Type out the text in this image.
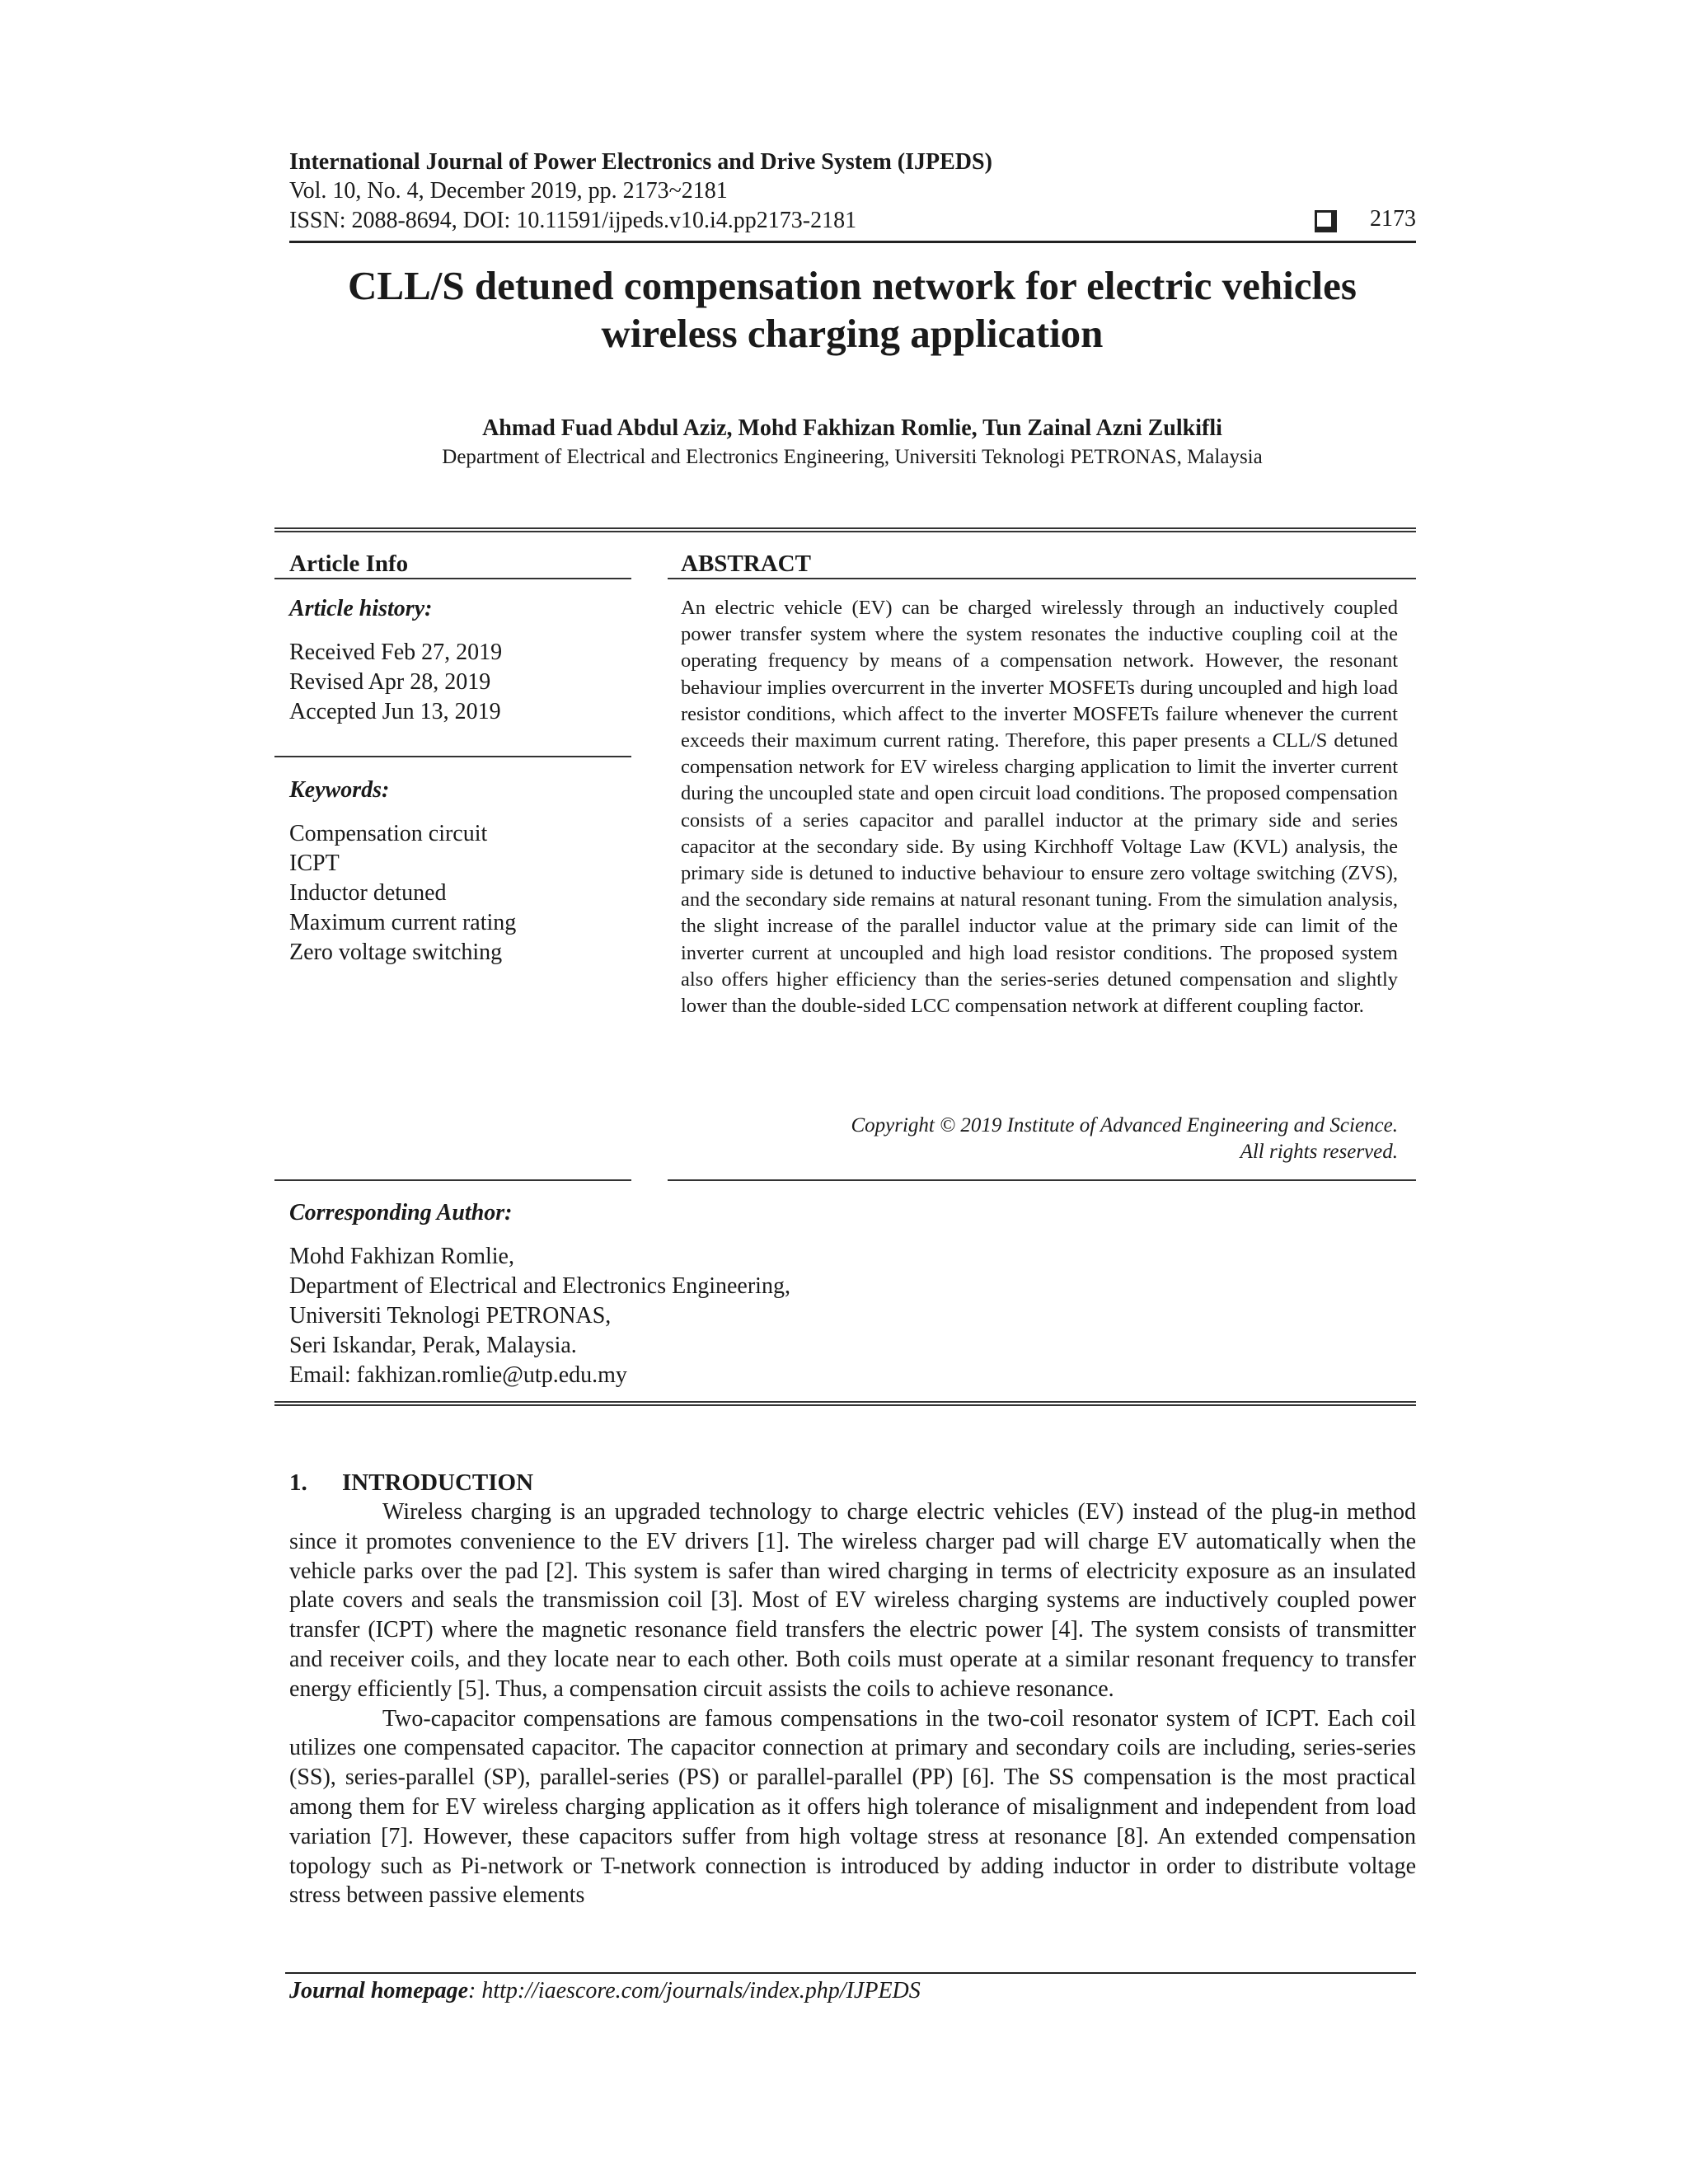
International Journal of Power Electronics and Drive System (IJPEDS)
Vol. 10, No. 4, December 2019, pp. 2173~2181
ISSN: 2088-8694, DOI: 10.11591/ijpeds.v10.i4.pp2173-2181	2173
CLL/S detuned compensation network for electric vehicles
wireless charging application
Ahmad Fuad Abdul Aziz, Mohd Fakhizan Romlie, Tun Zainal Azni Zulkifli
Department of Electrical and Electronics Engineering, Universiti Teknologi PETRONAS, Malaysia
Article Info
Article history:
Received Feb 27, 2019
Revised Apr 28, 2019
Accepted Jun 13, 2019
Keywords:
Compensation circuit
ICPT
Inductor detuned
Maximum current rating
Zero voltage switching
ABSTRACT
An electric vehicle (EV) can be charged wirelessly through an inductively coupled power transfer system where the system resonates the inductive coupling coil at the operating frequency by means of a compensation network. However, the resonant behaviour implies overcurrent in the inverter MOSFETs during uncoupled and high load resistor conditions, which affect to the inverter MOSFETs failure whenever the current exceeds their maximum current rating. Therefore, this paper presents a CLL/S detuned compensation network for EV wireless charging application to limit the inverter current during the uncoupled state and open circuit load conditions. The proposed compensation consists of a series capacitor and parallel inductor at the primary side and series capacitor at the secondary side. By using Kirchhoff Voltage Law (KVL) analysis, the primary side is detuned to inductive behaviour to ensure zero voltage switching (ZVS), and the secondary side remains at natural resonant tuning. From the simulation analysis, the slight increase of the parallel inductor value at the primary side can limit of the inverter current at uncoupled and high load resistor conditions. The proposed system also offers higher efficiency than the series-series detuned compensation and slightly lower than the double-sided LCC compensation network at different coupling factor.
Copyright © 2019 Institute of Advanced Engineering and Science.
All rights reserved.
Corresponding Author:
Mohd Fakhizan Romlie,
Department of Electrical and Electronics Engineering,
Universiti Teknologi PETRONAS,
Seri Iskandar, Perak, Malaysia.
Email: fakhizan.romlie@utp.edu.my
1. INTRODUCTION

Wireless charging is an upgraded technology to charge electric vehicles (EV) instead of the plug-in method since it promotes convenience to the EV drivers [1]. The wireless charger pad will charge EV automatically when the vehicle parks over the pad [2]. This system is safer than wired charging in terms of electricity exposure as an insulated plate covers and seals the transmission coil [3]. Most of EV wireless charging systems are inductively coupled power transfer (ICPT) where the magnetic resonance field transfers the electric power [4]. The system consists of transmitter and receiver coils, and they locate near to each other. Both coils must operate at a similar resonant frequency to transfer energy efficiently [5]. Thus, a compensation circuit assists the coils to achieve resonance.

Two-capacitor compensations are famous compensations in the two-coil resonator system of ICPT. Each coil utilizes one compensated capacitor. The capacitor connection at primary and secondary coils are including, series-series (SS), series-parallel (SP), parallel-series (PS) or parallel-parallel (PP) [6]. The SS compensation is the most practical among them for EV wireless charging application as it offers high tolerance of misalignment and independent from load variation [7]. However, these capacitors suffer from high voltage stress at resonance [8]. An extended compensation topology such as Pi-network or T-network connection is introduced by adding inductor in order to distribute voltage stress between passive elements

Journal homepage: http://iaescore.com/journals/index.php/IJPEDS
